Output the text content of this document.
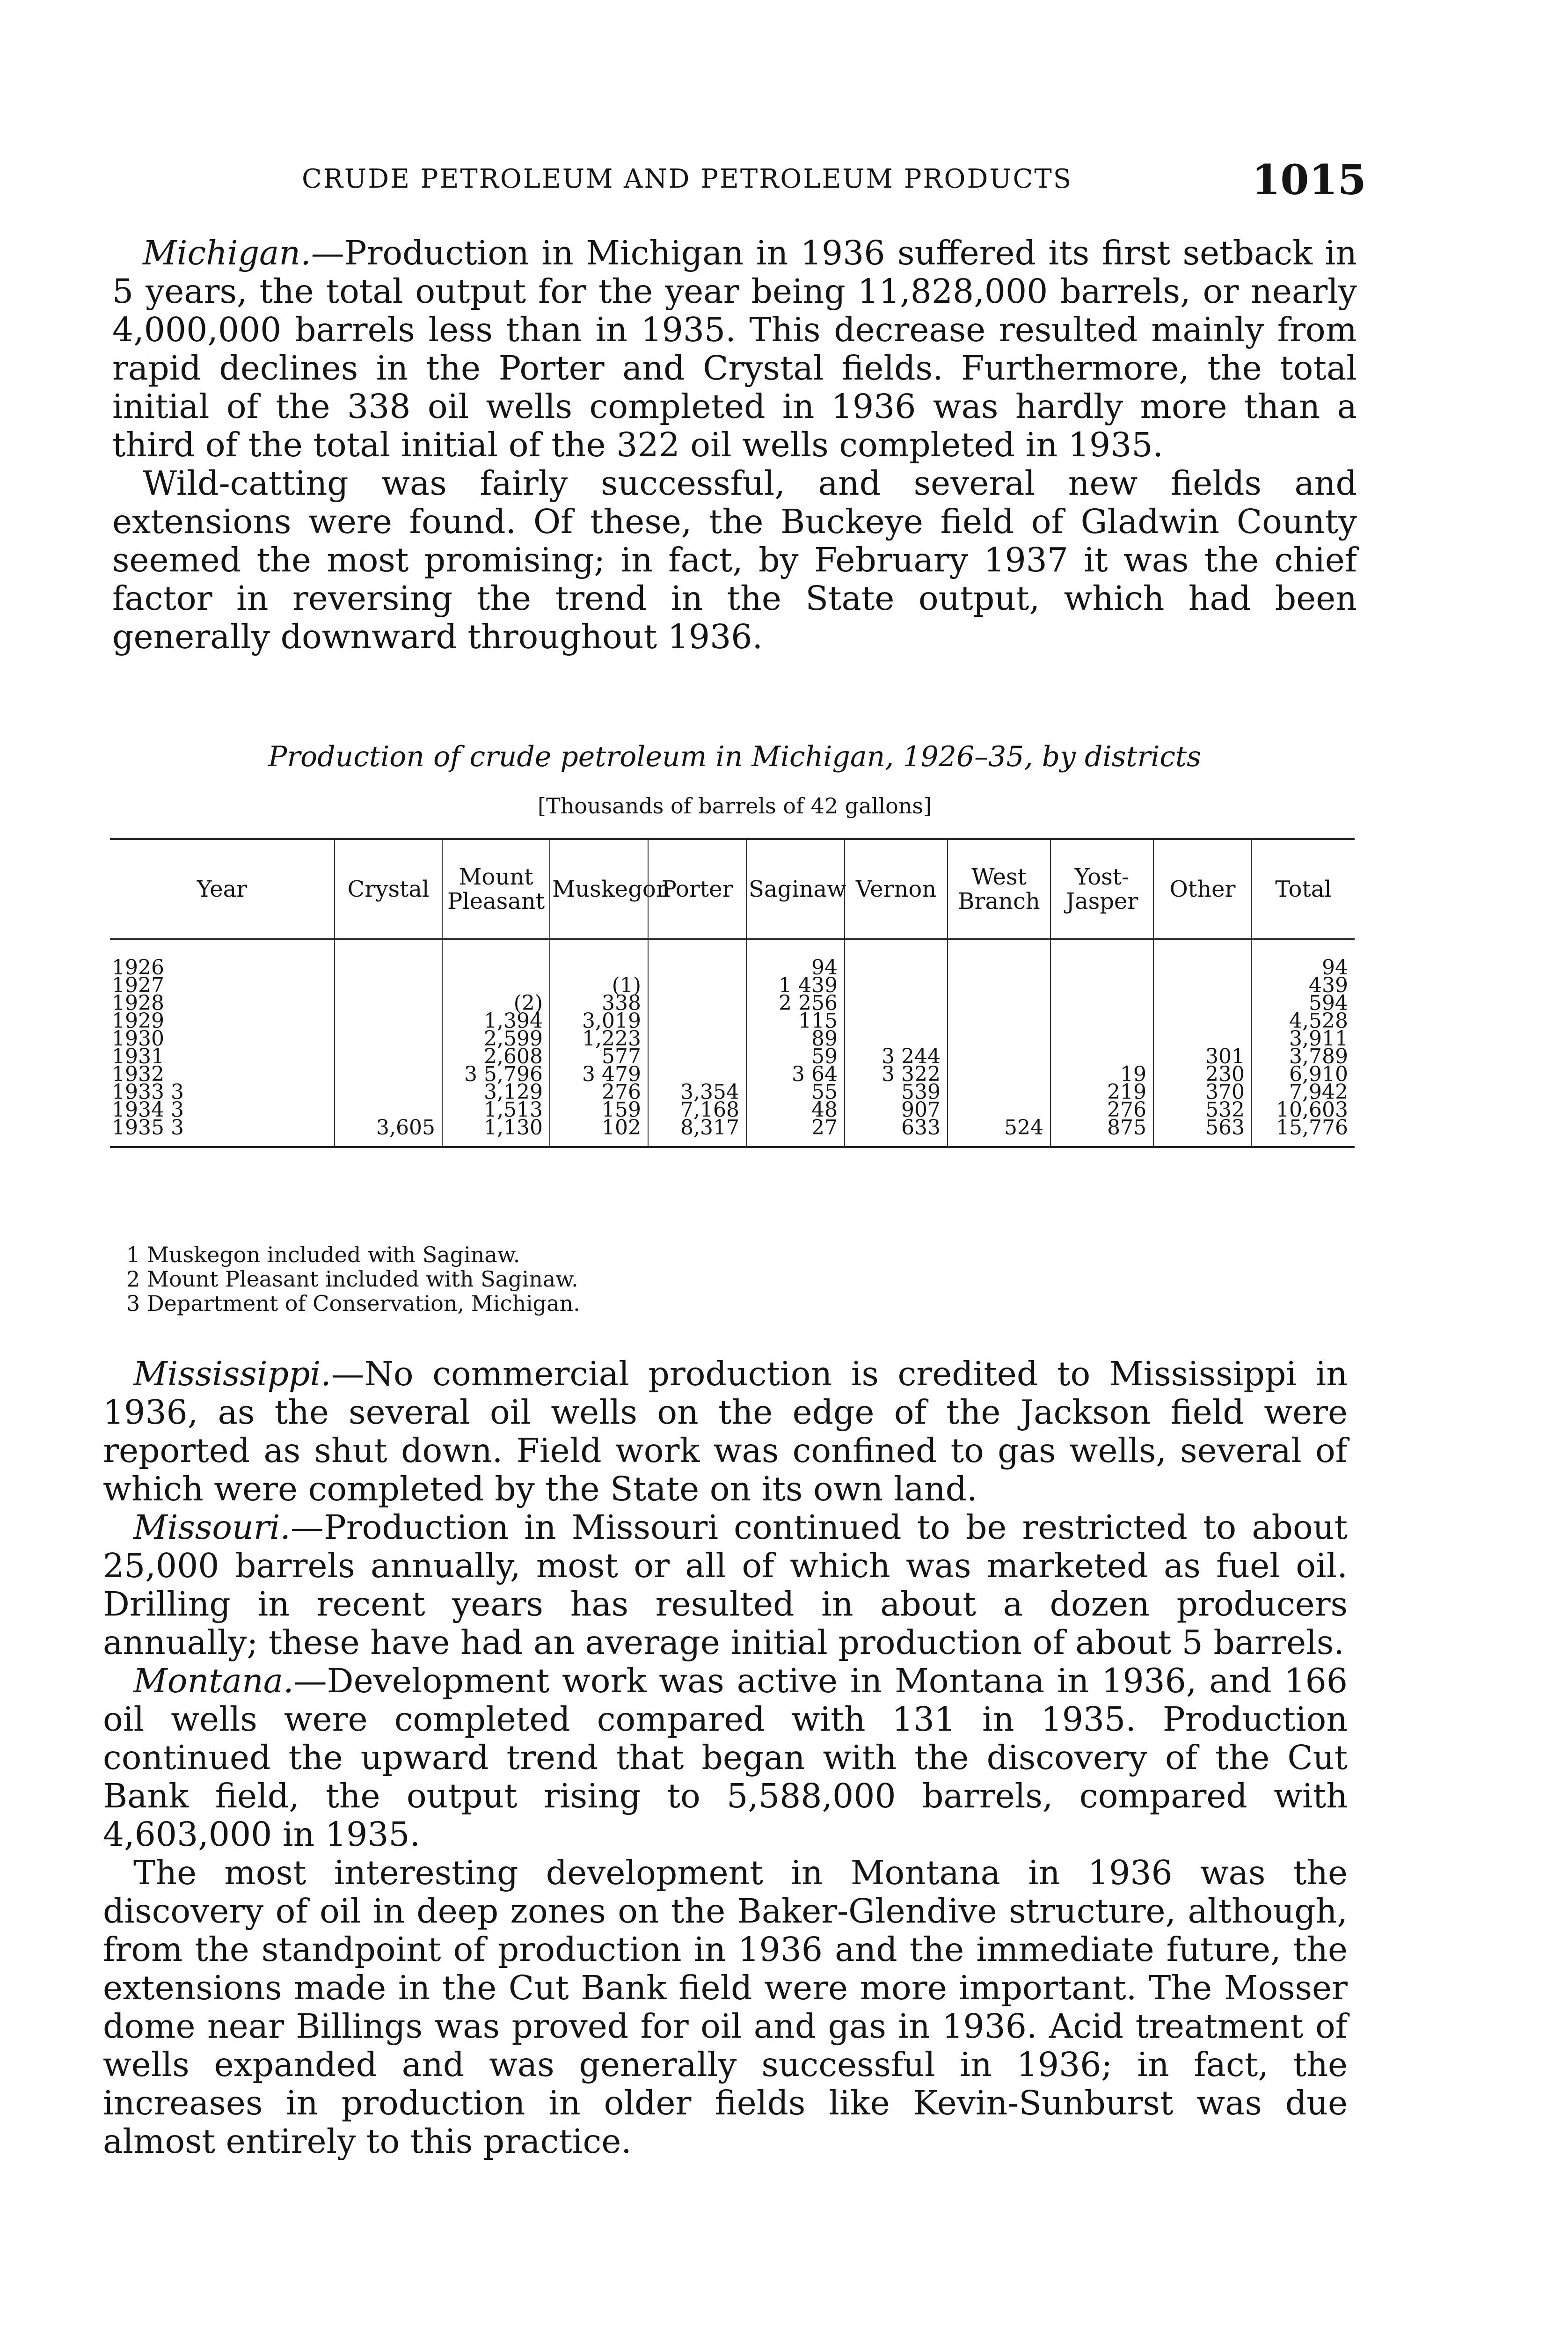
CRUDE PETROLEUM AND PETROLEUM PRODUCTS	1015

Michigan.—Production in Michigan in 1936 suffered its first setback in 5 years, the total output for the year being 11,828,000 barrels, or nearly 4,000,000 barrels less than in 1935. This decrease resulted mainly from rapid declines in the Porter and Crystal fields. Furthermore, the total initial of the 338 oil wells completed in 1936 was hardly more than a third of the total initial of the 322 oil wells completed in 1935.

Wild-catting was fairly successful, and several new fields and extensions were found. Of these, the Buckeye field of Gladwin County seemed the most promising; in fact, by February 1937 it was the chief factor in reversing the trend in the State output, which had been generally downward throughout 1936.

Production of crude petroleum in Michigan, 1926–35, by districts
[Thousands of barrels of 42 gallons]
Year	Crystal	Mount Pleasant	Muskegon	Porter	Saginaw	Vernon	West Branch	Yost-Jasper	Other	Total
1926					94					94
1927			(1)		1 439					439
1928		(2)	338		2 256					594
1929		1,394	3,019		115					4,528
1930		2,599	1,223		89					3,911
1931		2,608	577		59	3 244			301	3,789
1932		3 5,796	3 479		3 64	3 322		19	230	6,910
1933 3		3,129	276	3,354	55	539		219	370	7,942
1934 3		1,513	159	7,168	48	907		276	532	10,603
1935 3	3,605	1,130	102	8,317	27	633	524	875	563	15,776
1 Muskegon included with Saginaw.
2 Mount Pleasant included with Saginaw.
3 Department of Conservation, Michigan.

Mississippi.—No commercial production is credited to Mississippi in 1936, as the several oil wells on the edge of the Jackson field were reported as shut down. Field work was confined to gas wells, several of which were completed by the State on its own land.

Missouri.—Production in Missouri continued to be restricted to about 25,000 barrels annually, most or all of which was marketed as fuel oil. Drilling in recent years has resulted in about a dozen producers annually; these have had an average initial production of about 5 barrels.

Montana.—Development work was active in Montana in 1936, and 166 oil wells were completed compared with 131 in 1935. Production continued the upward trend that began with the discovery of the Cut Bank field, the output rising to 5,588,000 barrels, compared with 4,603,000 in 1935.

The most interesting development in Montana in 1936 was the discovery of oil in deep zones on the Baker-Glendive structure, although, from the standpoint of production in 1936 and the immediate future, the extensions made in the Cut Bank field were more important. The Mosser dome near Billings was proved for oil and gas in 1936. Acid treatment of wells expanded and was generally successful in 1936; in fact, the increases in production in older fields like Kevin-Sunburst was due almost entirely to this practice.
